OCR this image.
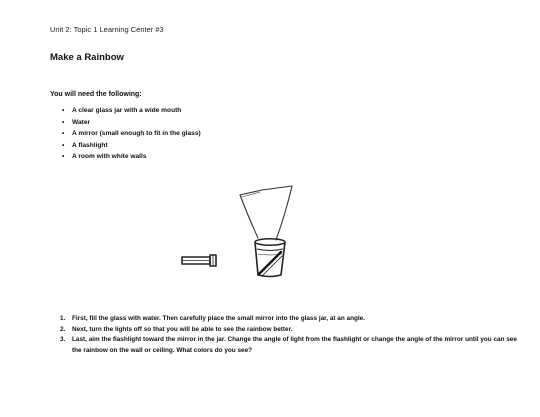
Unit 2: Topic 1 Learning Center #3
Make a Rainbow
You will need the following:
• A clear glass jar with a wide mouth
• Water
• A mirror (small enough to fit in the glass)
• A flashlight
• A room with white walls
1. First, fill the glass with water. Then carefully place the small mirror into the glass jar, at an angle.
2. Next, turn the lights off so that you will be able to see the rainbow better.
3. Last, aim the flashlight toward the mirror in the jar. Change the angle of light from the flashlight or change the angle of the mirror until you can see the rainbow on the wall or ceiling. What colors do you see?
